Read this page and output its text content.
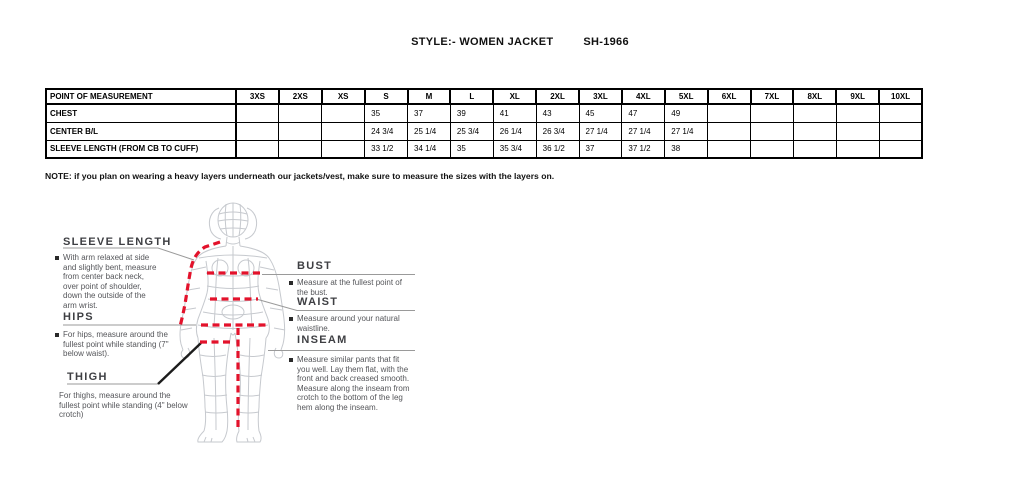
STYLE:- WOMEN JACKET	SH-1966
POINT OF MEASUREMENT	3XS	2XS	XS	S	M	L	XL	2XL	3XL	4XL	5XL	6XL	7XL	8XL	9XL	10XL
CHEST				35	37	39	41	43	45	47	49					
CENTER B/L				24 3/4	25 1/4	25 3/4	26 1/4	26 3/4	27 1/4	27 1/4	27 1/4					
SLEEVE LENGTH (FROM CB TO CUFF)				33 1/2	34 1/4	35	35 3/4	36 1/2	37	37 1/2	38					
NOTE: if you plan on wearing a heavy layers underneath our jackets/vest, make sure to measure the sizes with the layers on.
SLEEVE LENGTH
With arm relaxed at side and slightly bent, measure from center back neck, over point of shoulder, down the outside of the arm wrist.
HIPS
For hips, measure around the fullest point while standing (7" below waist).
THIGH
For thighs, measure around the fullest point while standing (4" below crotch)
BUST
Measure at the fullest point of the bust.
WAIST
Measure around your natural waistline.
INSEAM
Measure similar pants that fit you well. Lay them flat, with the front and back creased smooth. Measure along the inseam from crotch to the bottom of the leg hem along the inseam.
